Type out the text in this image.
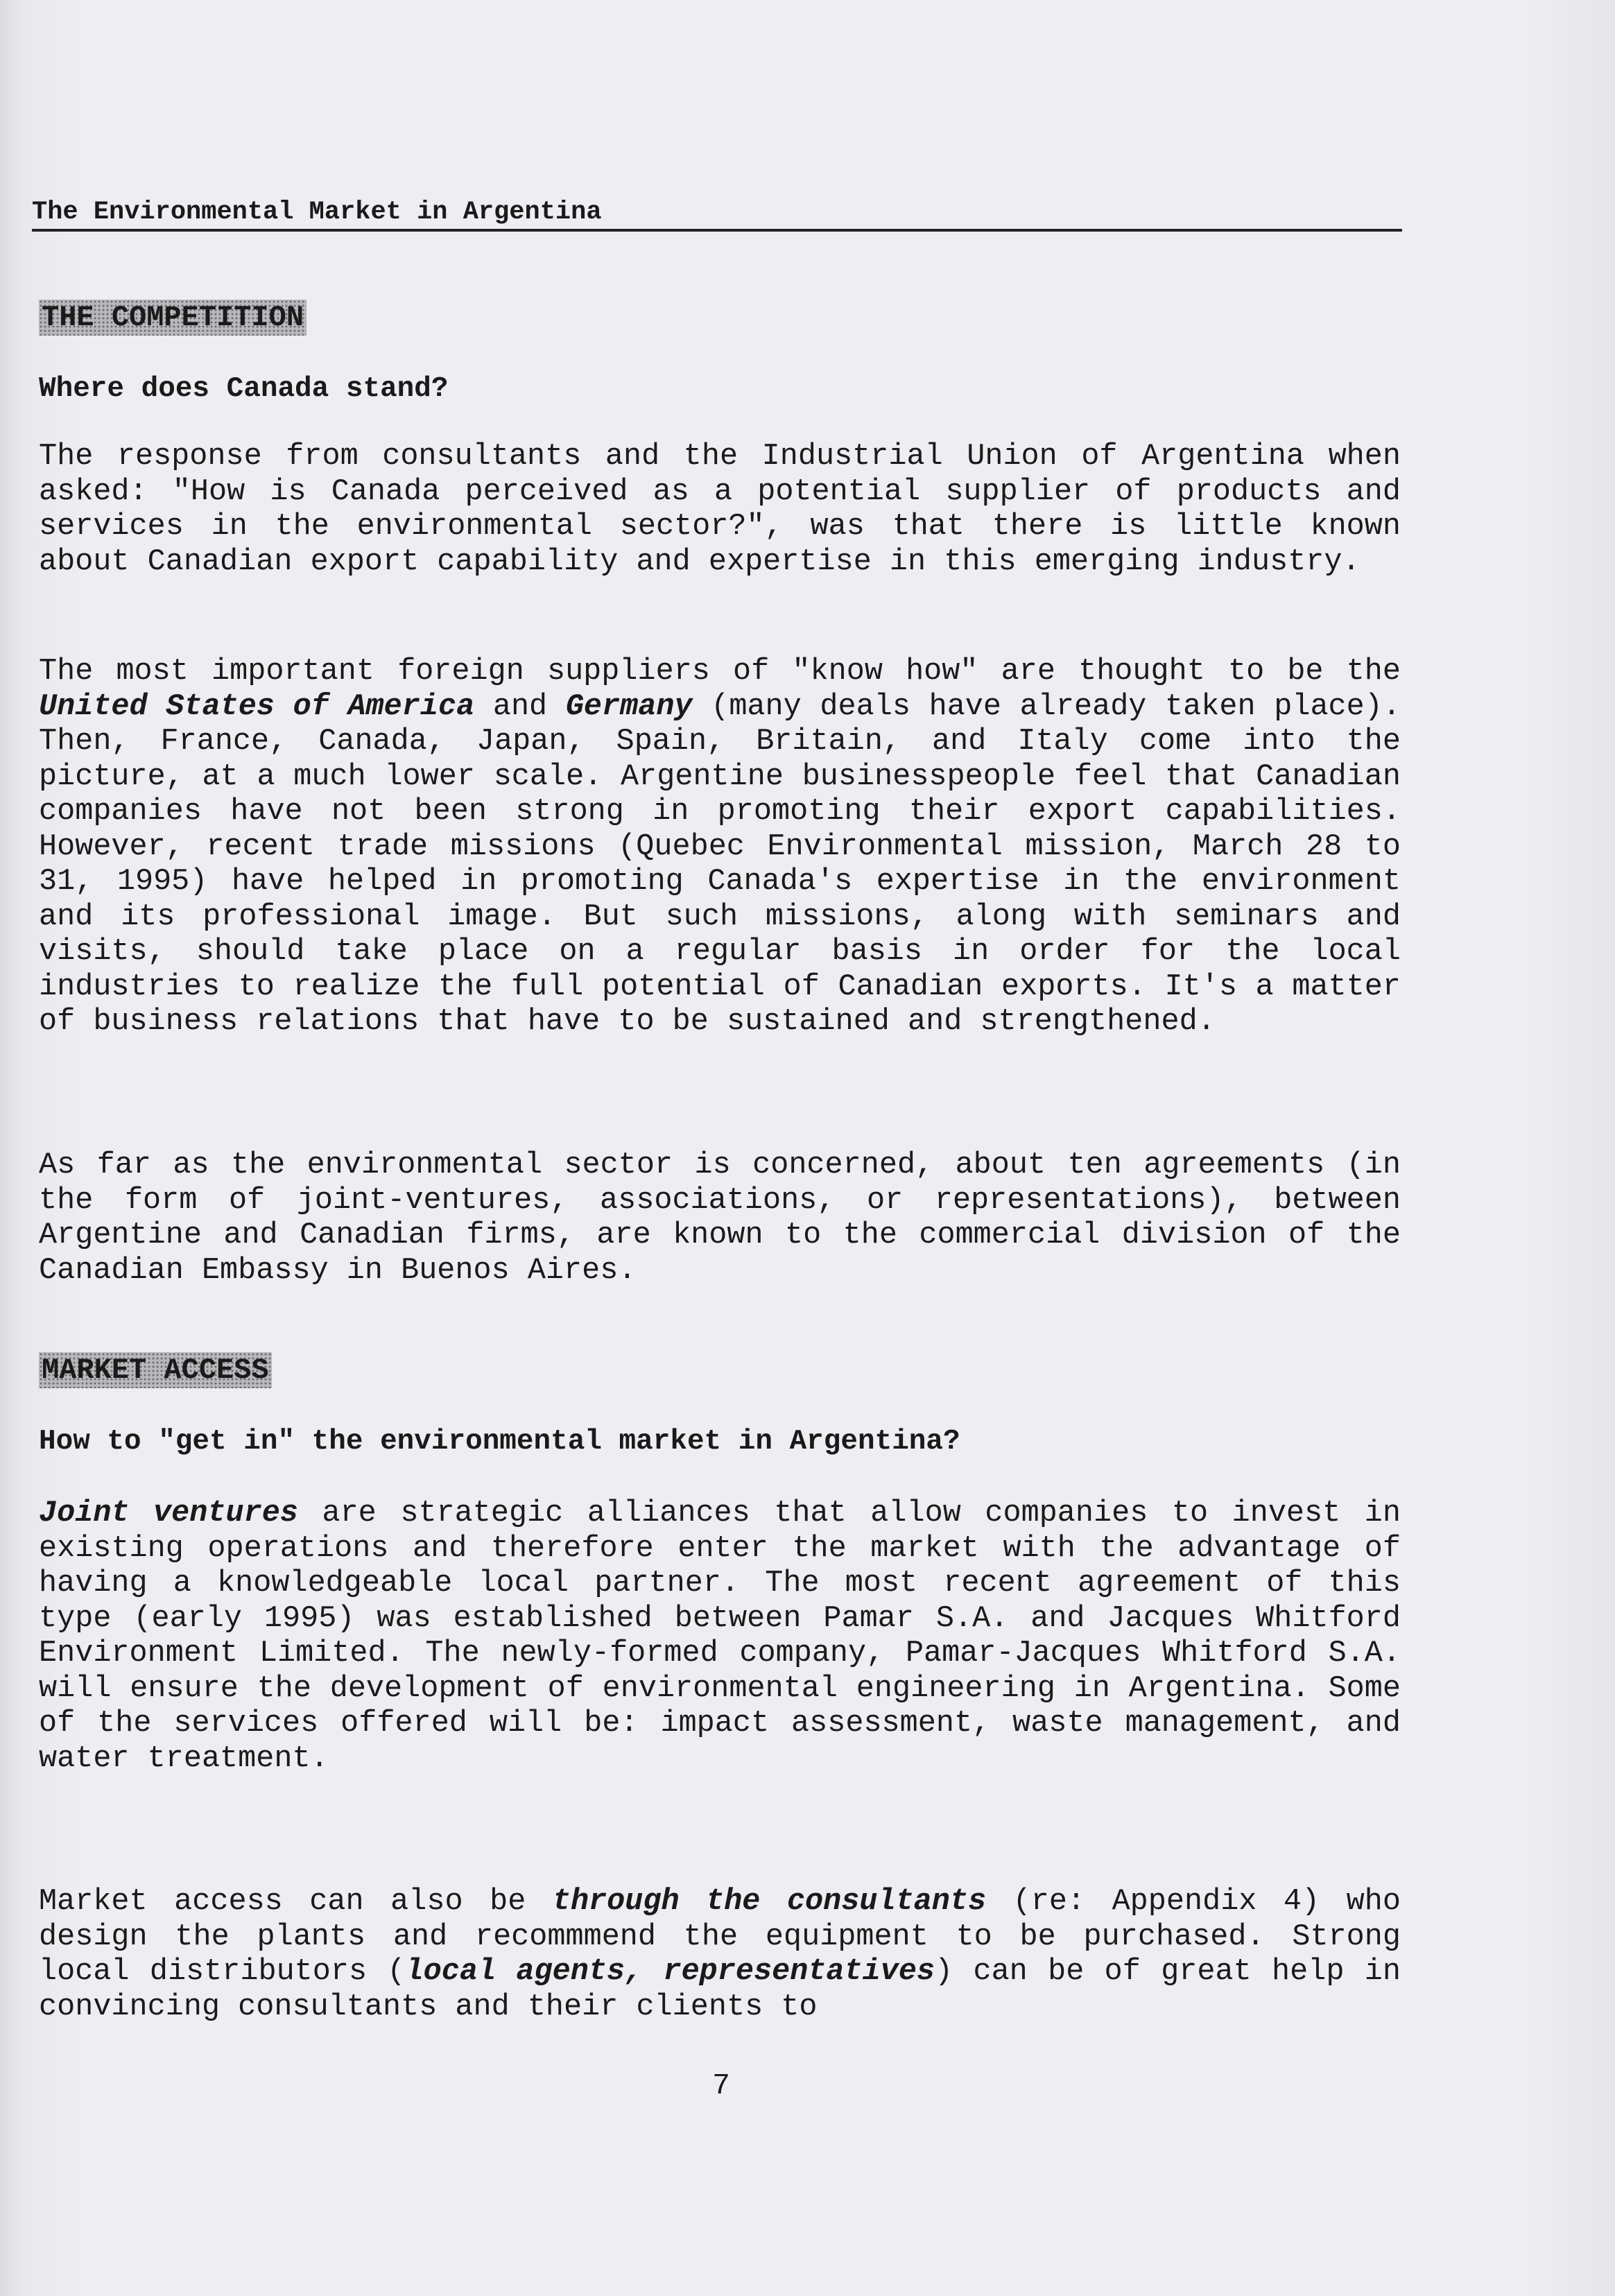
The Environmental Market in Argentina
THE COMPETITION
Where does Canada stand?

The response from consultants and the Industrial Union of Argentina when asked: "How is Canada perceived as a potential supplier of products and services in the environmental sector?", was that there is little known about Canadian export capability and expertise in this emerging industry.

The most important foreign suppliers of "know how" are thought to be the United States of America and Germany (many deals have already taken place). Then, France, Canada, Japan, Spain, Britain, and Italy come into the picture, at a much lower scale. Argentine businesspeople feel that Canadian companies have not been strong in promoting their export capabilities. However, recent trade missions (Quebec Environmental mission, March 28 to 31, 1995) have helped in promoting Canada's expertise in the environment and its professional image. But such missions, along with seminars and visits, should take place on a regular basis in order for the local industries to realize the full potential of Canadian exports. It's a matter of business relations that have to be sustained and strengthened.

As far as the environmental sector is concerned, about ten agreements (in the form of joint-ventures, associations, or representations), between Argentine and Canadian firms, are known to the commercial division of the Canadian Embassy in Buenos Aires.

MARKET ACCESS
How to "get in" the environmental market in Argentina?

Joint ventures are strategic alliances that allow companies to invest in existing operations and therefore enter the market with the advantage of having a knowledgeable local partner. The most recent agreement of this type (early 1995) was established between Pamar S.A. and Jacques Whitford Environment Limited. The newly-formed company, Pamar-Jacques Whitford S.A. will ensure the development of environmental engineering in Argentina. Some of the services offered will be: impact assessment, waste management, and water treatment.

Market access can also be through the consultants (re: Appendix 4) who design the plants and recommmend the equipment to be purchased. Strong local distributors (local agents, representatives) can be of great help in convincing consultants and their clients to

7
